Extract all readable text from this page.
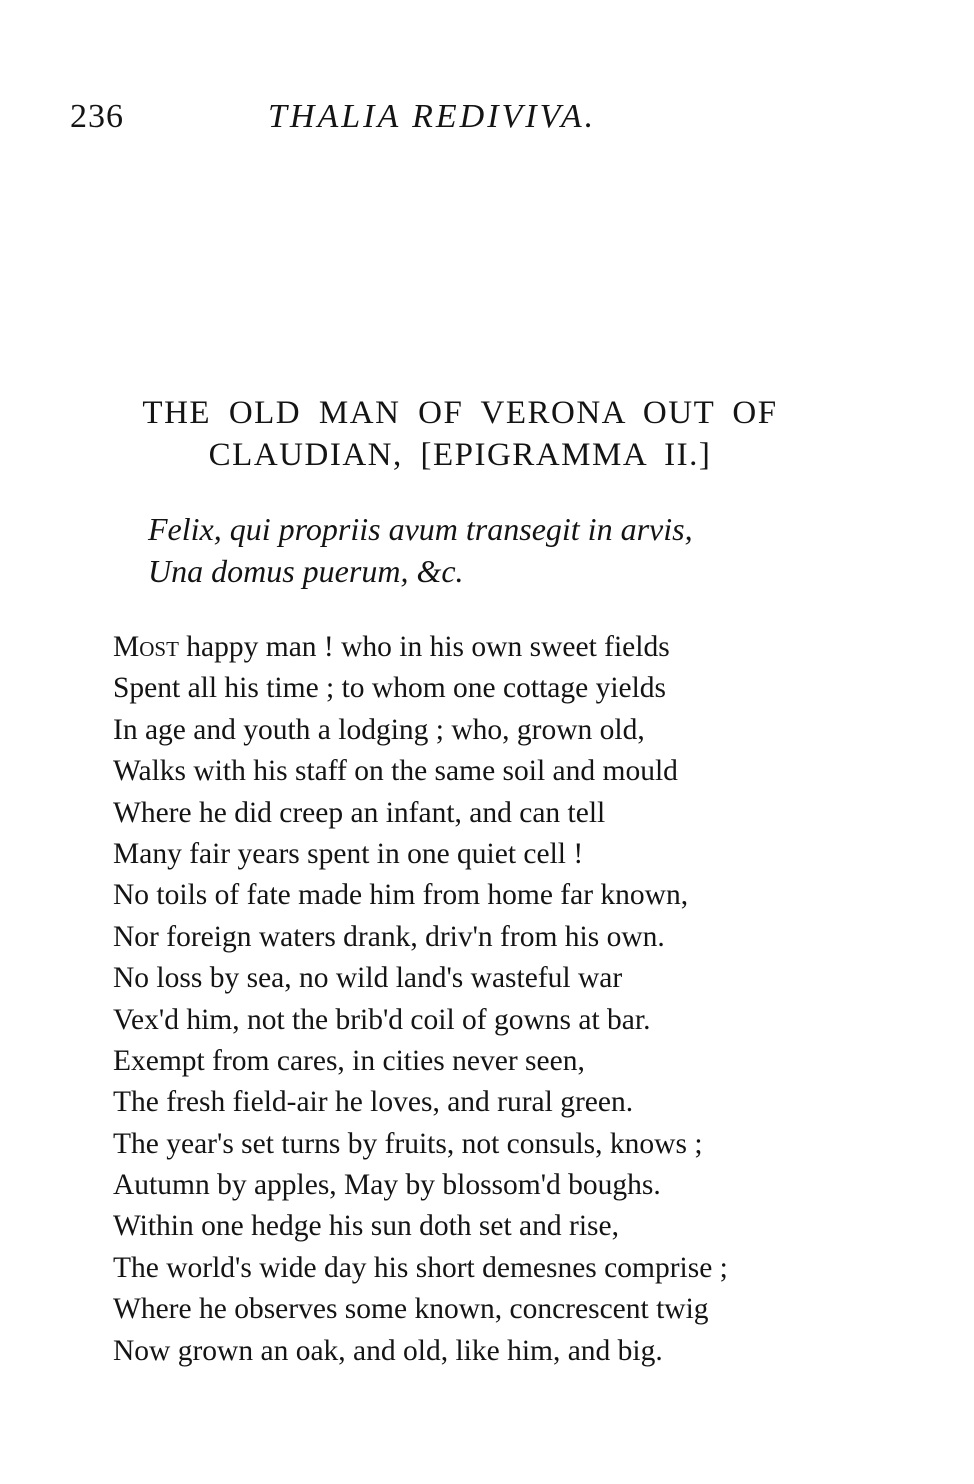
236	THALIA REDIVIVA.
THE OLD MAN OF VERONA OUT OF
CLAUDIAN, [EPIGRAMMA II.]
Felix, qui propriis avum transegit in arvis,
Una domus puerum, &c.
Most happy man ! who in his own sweet fields
Spent all his time ; to whom one cottage yields
In age and youth a lodging ; who, grown old,
Walks with his staff on the same soil and mould
Where he did creep an infant, and can tell
Many fair years spent in one quiet cell !
No toils of fate made him from home far known,
Nor foreign waters drank, driv'n from his own.
No loss by sea, no wild land's wasteful war
Vex'd him, not the brib'd coil of gowns at bar.
Exempt from cares, in cities never seen,
The fresh field-air he loves, and rural green.
The year's set turns by fruits, not consuls, knows ;
Autumn by apples, May by blossom'd boughs.
Within one hedge his sun doth set and rise,
The world's wide day his short demesnes comprise ;
Where he observes some known, concrescent twig
Now grown an oak, and old, like him, and big.
